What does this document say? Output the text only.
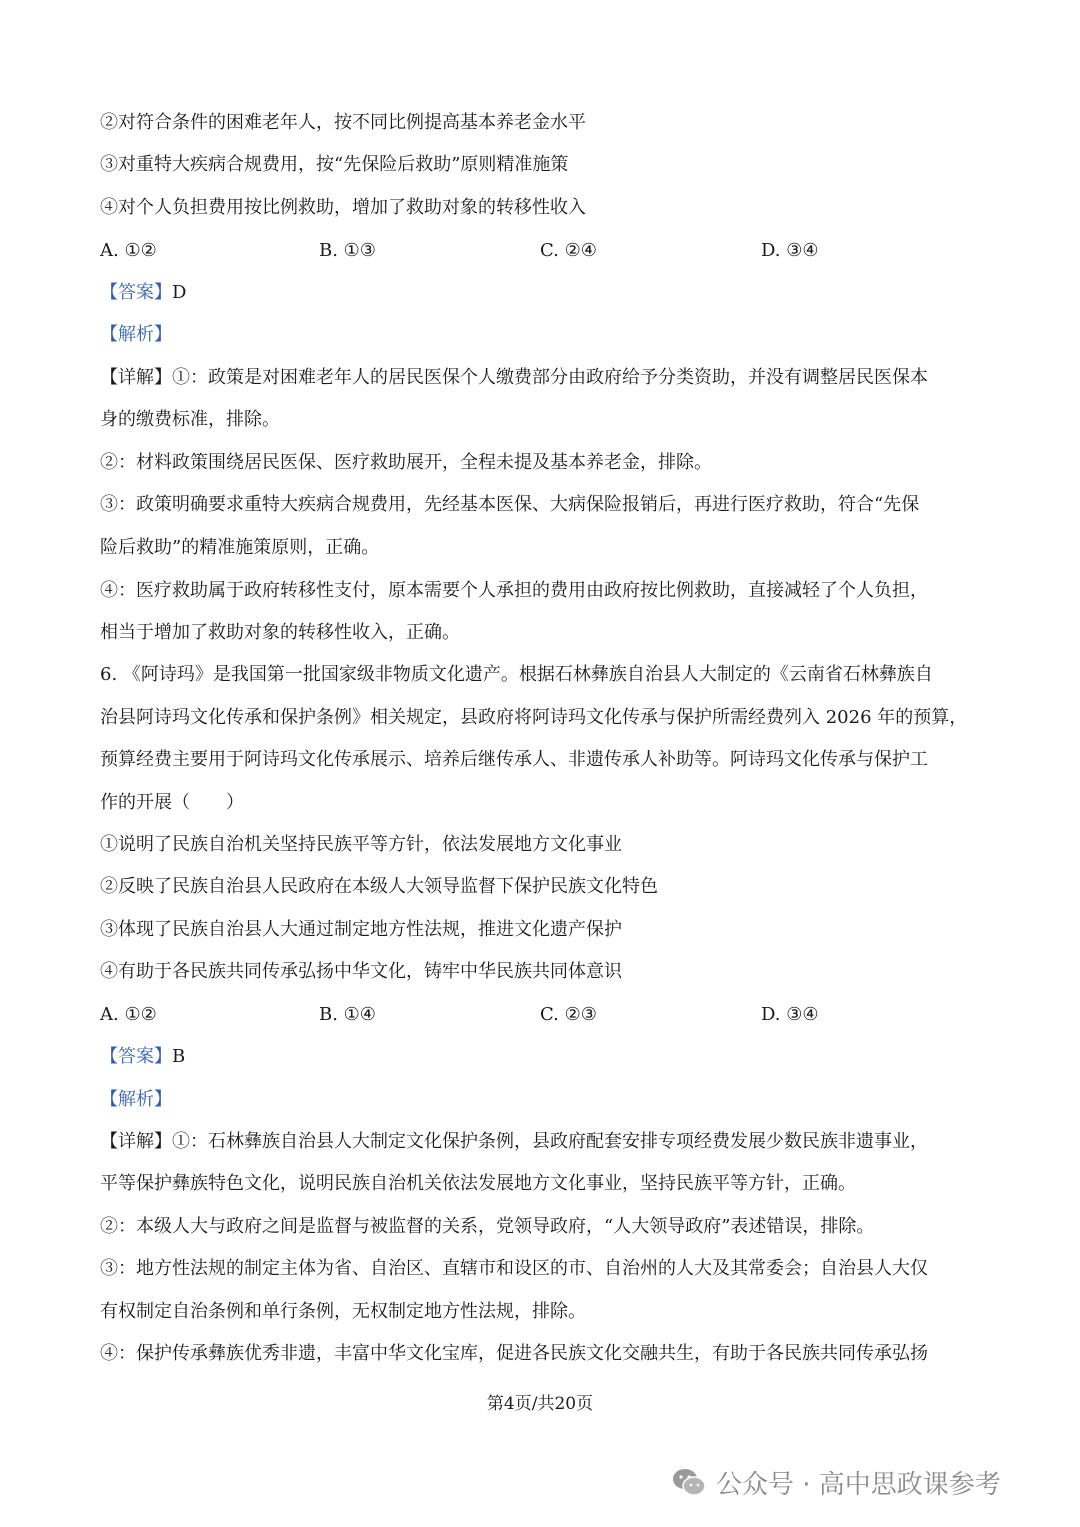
②对符合条件的困难老年人，按不同比例提高基本养老金水平
③对重特大疾病合规费用，按“先保险后救助”原则精准施策
④对个人负担费用按比例救助，增加了救助对象的转移性收入
A. ①②	B. ①③	C. ②④	D. ③④
【答案】D
【解析】
【详解】①：政策是对困难老年人的居民医保个人缴费部分由政府给予分类资助，并没有调整居民医保本
身的缴费标准，排除。
②：材料政策围绕居民医保、医疗救助展开，全程未提及基本养老金，排除。
③：政策明确要求重特大疾病合规费用，先经基本医保、大病保险报销后，再进行医疗救助，符合“先保
险后救助”的精准施策原则，正确。
④：医疗救助属于政府转移性支付，原本需要个人承担的费用由政府按比例救助，直接减轻了个人负担，
相当于增加了救助对象的转移性收入，正确。
6. 《阿诗玛》是我国第一批国家级非物质文化遗产。根据石林彝族自治县人大制定的《云南省石林彝族自
治县阿诗玛文化传承和保护条例》相关规定，县政府将阿诗玛文化传承与保护所需经费列入 2026 年的预算，
预算经费主要用于阿诗玛文化传承展示、培养后继传承人、非遗传承人补助等。阿诗玛文化传承与保护工
作的开展（　　）
①说明了民族自治机关坚持民族平等方针，依法发展地方文化事业
②反映了民族自治县人民政府在本级人大领导监督下保护民族文化特色
③体现了民族自治县人大通过制定地方性法规，推进文化遗产保护
④有助于各民族共同传承弘扬中华文化，铸牢中华民族共同体意识
A. ①②	B. ①④	C. ②③	D. ③④
【答案】B
【解析】
【详解】①：石林彝族自治县人大制定文化保护条例，县政府配套安排专项经费发展少数民族非遗事业，
平等保护彝族特色文化，说明民族自治机关依法发展地方文化事业，坚持民族平等方针，正确。
②：本级人大与政府之间是监督与被监督的关系，党领导政府，“人大领导政府”表述错误，排除。
③：地方性法规的制定主体为省、自治区、直辖市和设区的市、自治州的人大及其常委会；自治县人大仅
有权制定自治条例和单行条例，无权制定地方性法规，排除。
④：保护传承彝族优秀非遗，丰富中华文化宝库，促进各民族文化交融共生，有助于各民族共同传承弘扬
第4页/共20页
公众号 · 高中思政课参考
